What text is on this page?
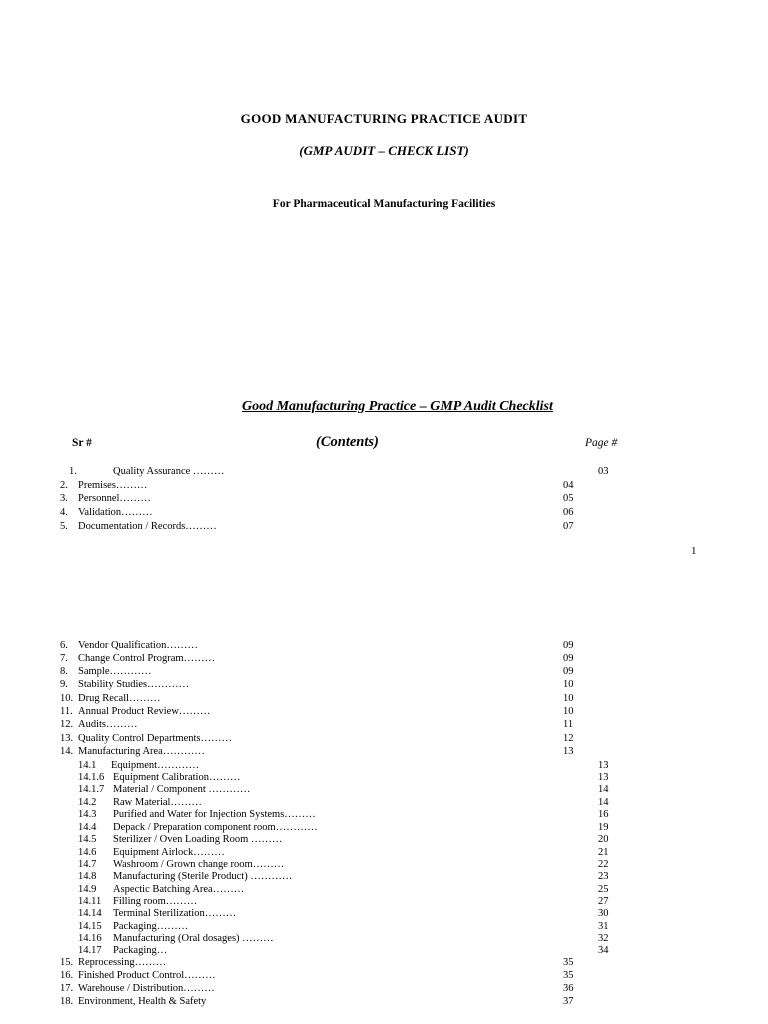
GOOD MANUFACTURING PRACTICE AUDIT
(GMP AUDIT – CHECK LIST)
For Pharmaceutical Manufacturing Facilities
Good Manufacturing Practice – GMP Audit Checklist
Sr #	(Contents)	Page #
1.	Quality Assurance ………	03
2. Premises………	04
3. Personnel………	05
4. Validation………	06
5. Documentation / Records………	07
1
6. Vendor Qualification………	09
7. Change Control Program………	09
8. Sample…………	09
9. Stability Studies…………	10
10. Drug Recall………	10
11. Annual Product Review………	10
12. Audits………	11
13. Quality Control Departments………	12
14. Manufacturing Area…………	13
14.1 Equipment…………	13
14.1.6 Equipment Calibration………	13
14.1.7 Material / Component …………	14
14.2 Raw Material………	14
14.3 Purified and Water for Injection Systems………	16
14.4 Depack / Preparation component room…………	19
14.5 Sterilizer / Oven Loading Room ………	20
14.6 Equipment Airlock………	21
14.7 Washroom / Grown change room………	22
14.8 Manufacturing (Sterile Product) …………	23
14.9 Aspectic Batching Area………	25
14.11 Filling room………	27
14.14 Terminal Sterilization………	30
14.15 Packaging………	31
14.16 Manufacturing (Oral dosages) ………	32
14.17 Packaging…	34
15. Reprocessing………	35
16. Finished Product Control………	35
17. Warehouse / Distribution………	36
18. Environment, Health & Safety	37
